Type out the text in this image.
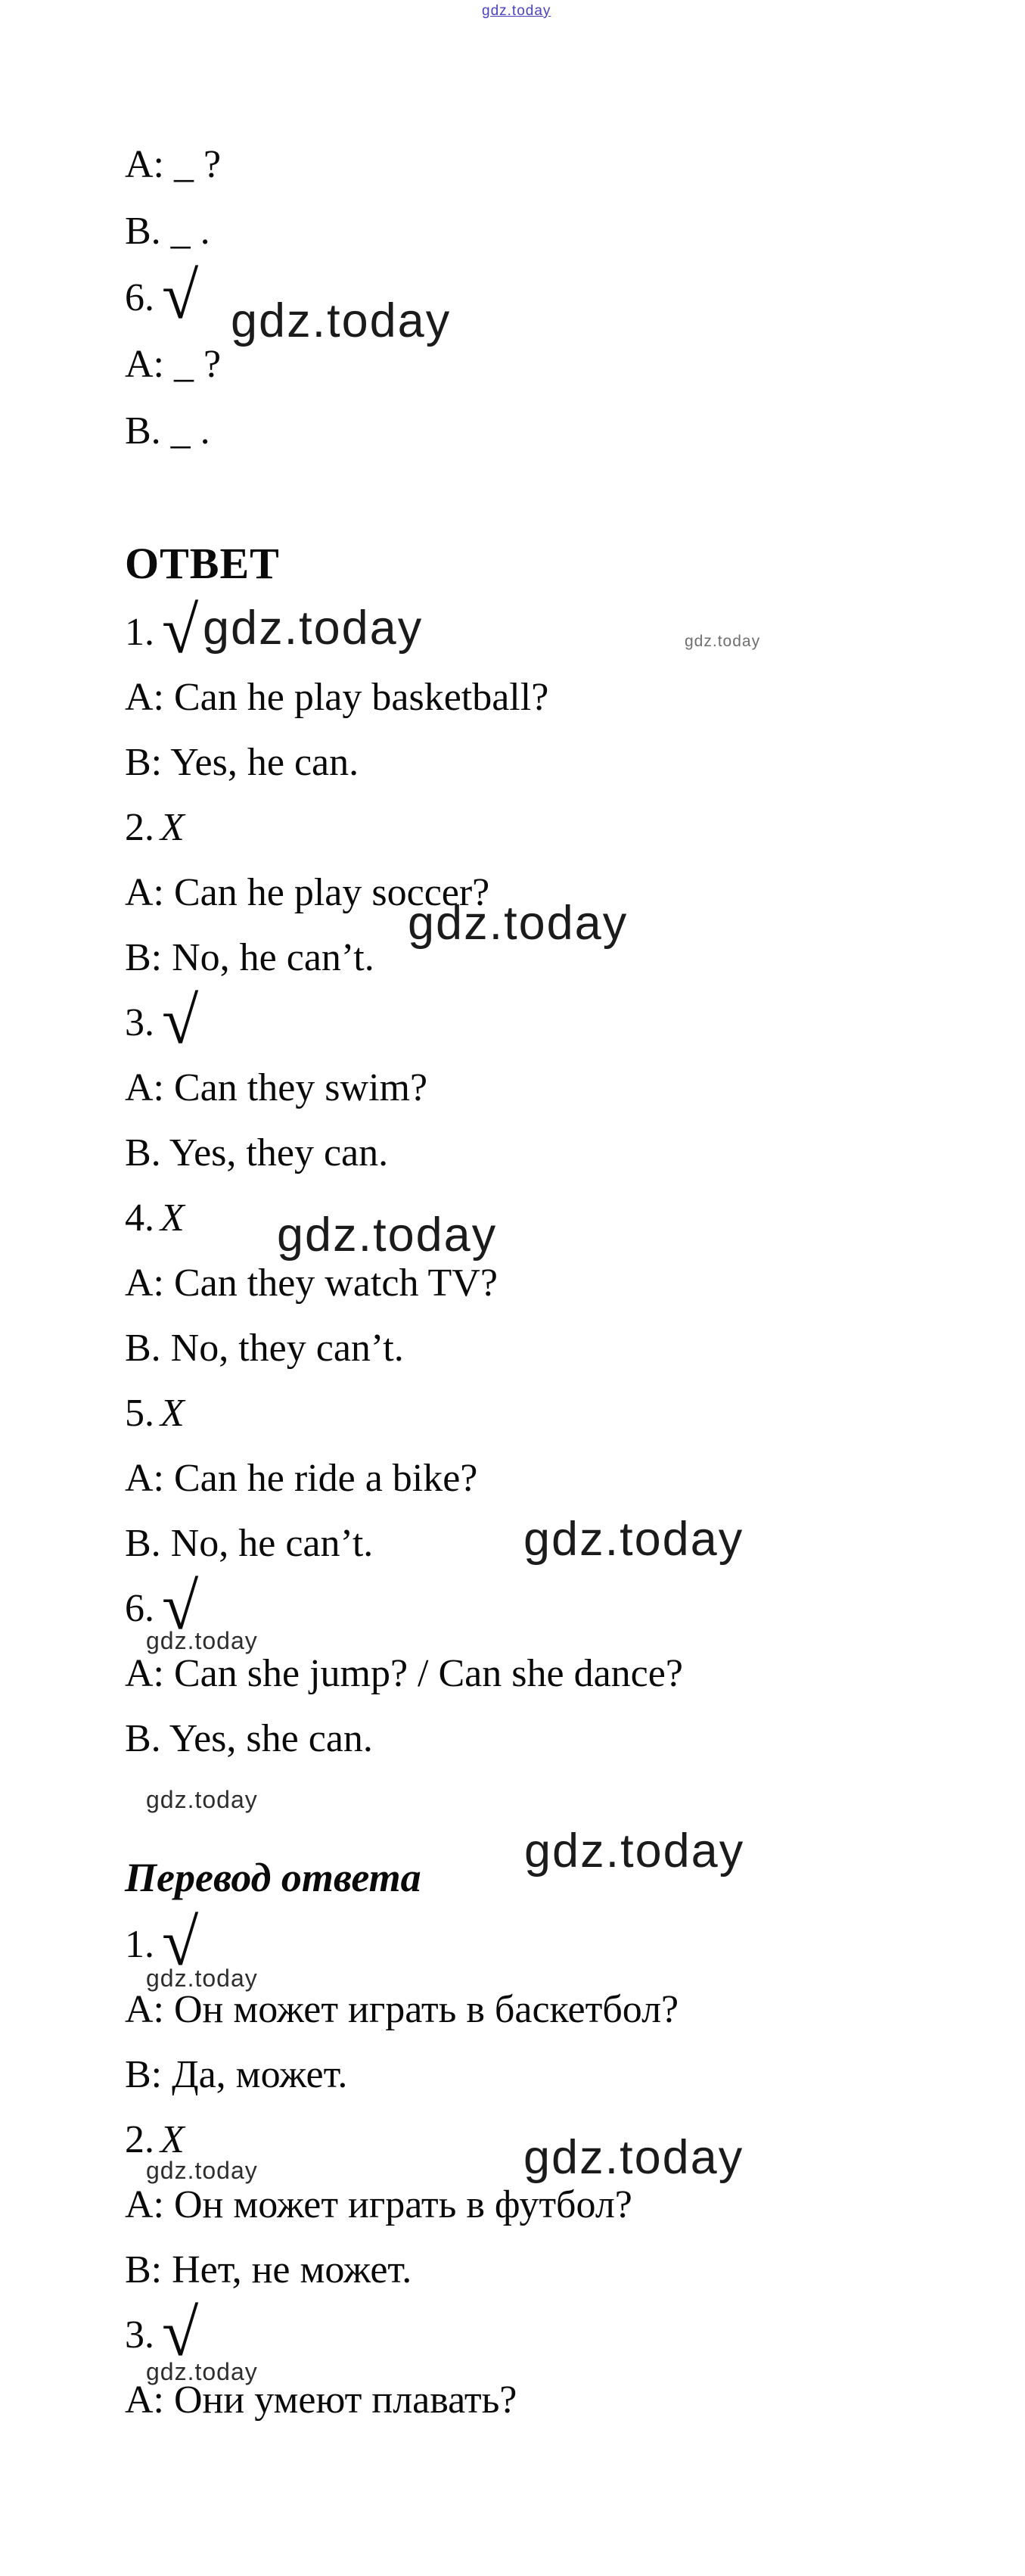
gdz.today
A: _ ?
B. _ .
6. √ gdz.today
A: _ ?
B. _ .
ОТВЕТ
1. √ gdz.today	gdz.today
A: Can he play basketball?
B: Yes, he can.
2. X
A: Can he play soccer?
B: No, he can’t.
gdz.today
3. √
A: Can they swim?
B. Yes, they can.
4. X gdz.today
A: Can they watch TV?
B. No, they can’t.
5. X
A: Can he ride a bike?
B. No, he can’t.	gdz.today
6. √
gdz.today
A: Can she jump? / Can she dance?
B. Yes, she can.
gdz.today
gdz.today
Перевод ответа
1. √
gdz.today
А: Он может играть в баскетбол?
В: Да, может.
2. X	gdz.today
gdz.today
А: Он может играть в футбол?
В: Нет, не может.
3. √
gdz.today
А: Они умеют плавать?
